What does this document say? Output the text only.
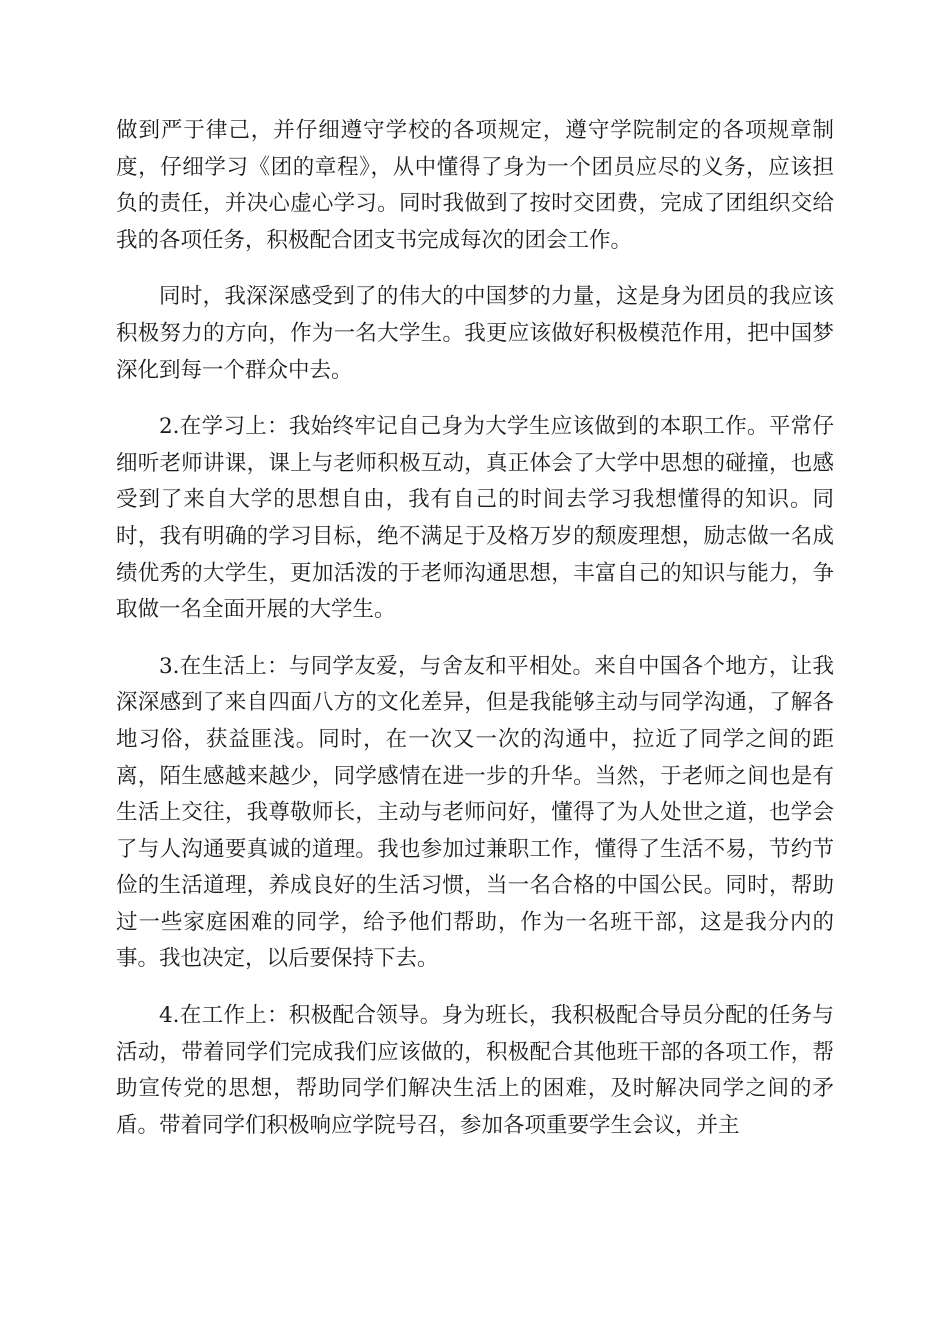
做到严于律己，并仔细遵守学校的各项规定，遵守学院制定的各项规章制度，仔细学习《团的章程》，从中懂得了身为一个团员应尽的义务，应该担负的责任，并决心虚心学习。同时我做到了按时交团费，完成了团组织交给我的各项任务，积极配合团支书完成每次的团会工作。

同时，我深深感受到了的伟大的中国梦的力量，这是身为团员的我应该积极努力的方向，作为一名大学生。我更应该做好积极模范作用，把中国梦深化到每一个群众中去。

2.在学习上：我始终牢记自己身为大学生应该做到的本职工作。平常仔细听老师讲课，课上与老师积极互动，真正体会了大学中思想的碰撞，也感受到了来自大学的思想自由，我有自己的时间去学习我想懂得的知识。同时，我有明确的学习目标，绝不满足于及格万岁的颓废理想，励志做一名成绩优秀的大学生，更加活泼的于老师沟通思想，丰富自己的知识与能力，争取做一名全面开展的大学生。

3.在生活上：与同学友爱，与舍友和平相处。来自中国各个地方，让我深深感到了来自四面八方的文化差异，但是我能够主动与同学沟通，了解各地习俗，获益匪浅。同时，在一次又一次的沟通中，拉近了同学之间的距离，陌生感越来越少，同学感情在进一步的升华。当然，于老师之间也是有生活上交往，我尊敬师长，主动与老师问好，懂得了为人处世之道，也学会了与人沟通要真诚的道理。我也参加过兼职工作，懂得了生活不易，节约节俭的生活道理，养成良好的生活习惯，当一名合格的中国公民。同时，帮助过一些家庭困难的同学，给予他们帮助，作为一名班干部，这是我分内的事。我也决定，以后要保持下去。

4.在工作上：积极配合领导。身为班长，我积极配合导员分配的任务与活动，带着同学们完成我们应该做的，积极配合其他班干部的各项工作，帮助宣传党的思想，帮助同学们解决生活上的困难，及时解决同学之间的矛盾。带着同学们积极响应学院号召，参加各项重要学生会议，并主
